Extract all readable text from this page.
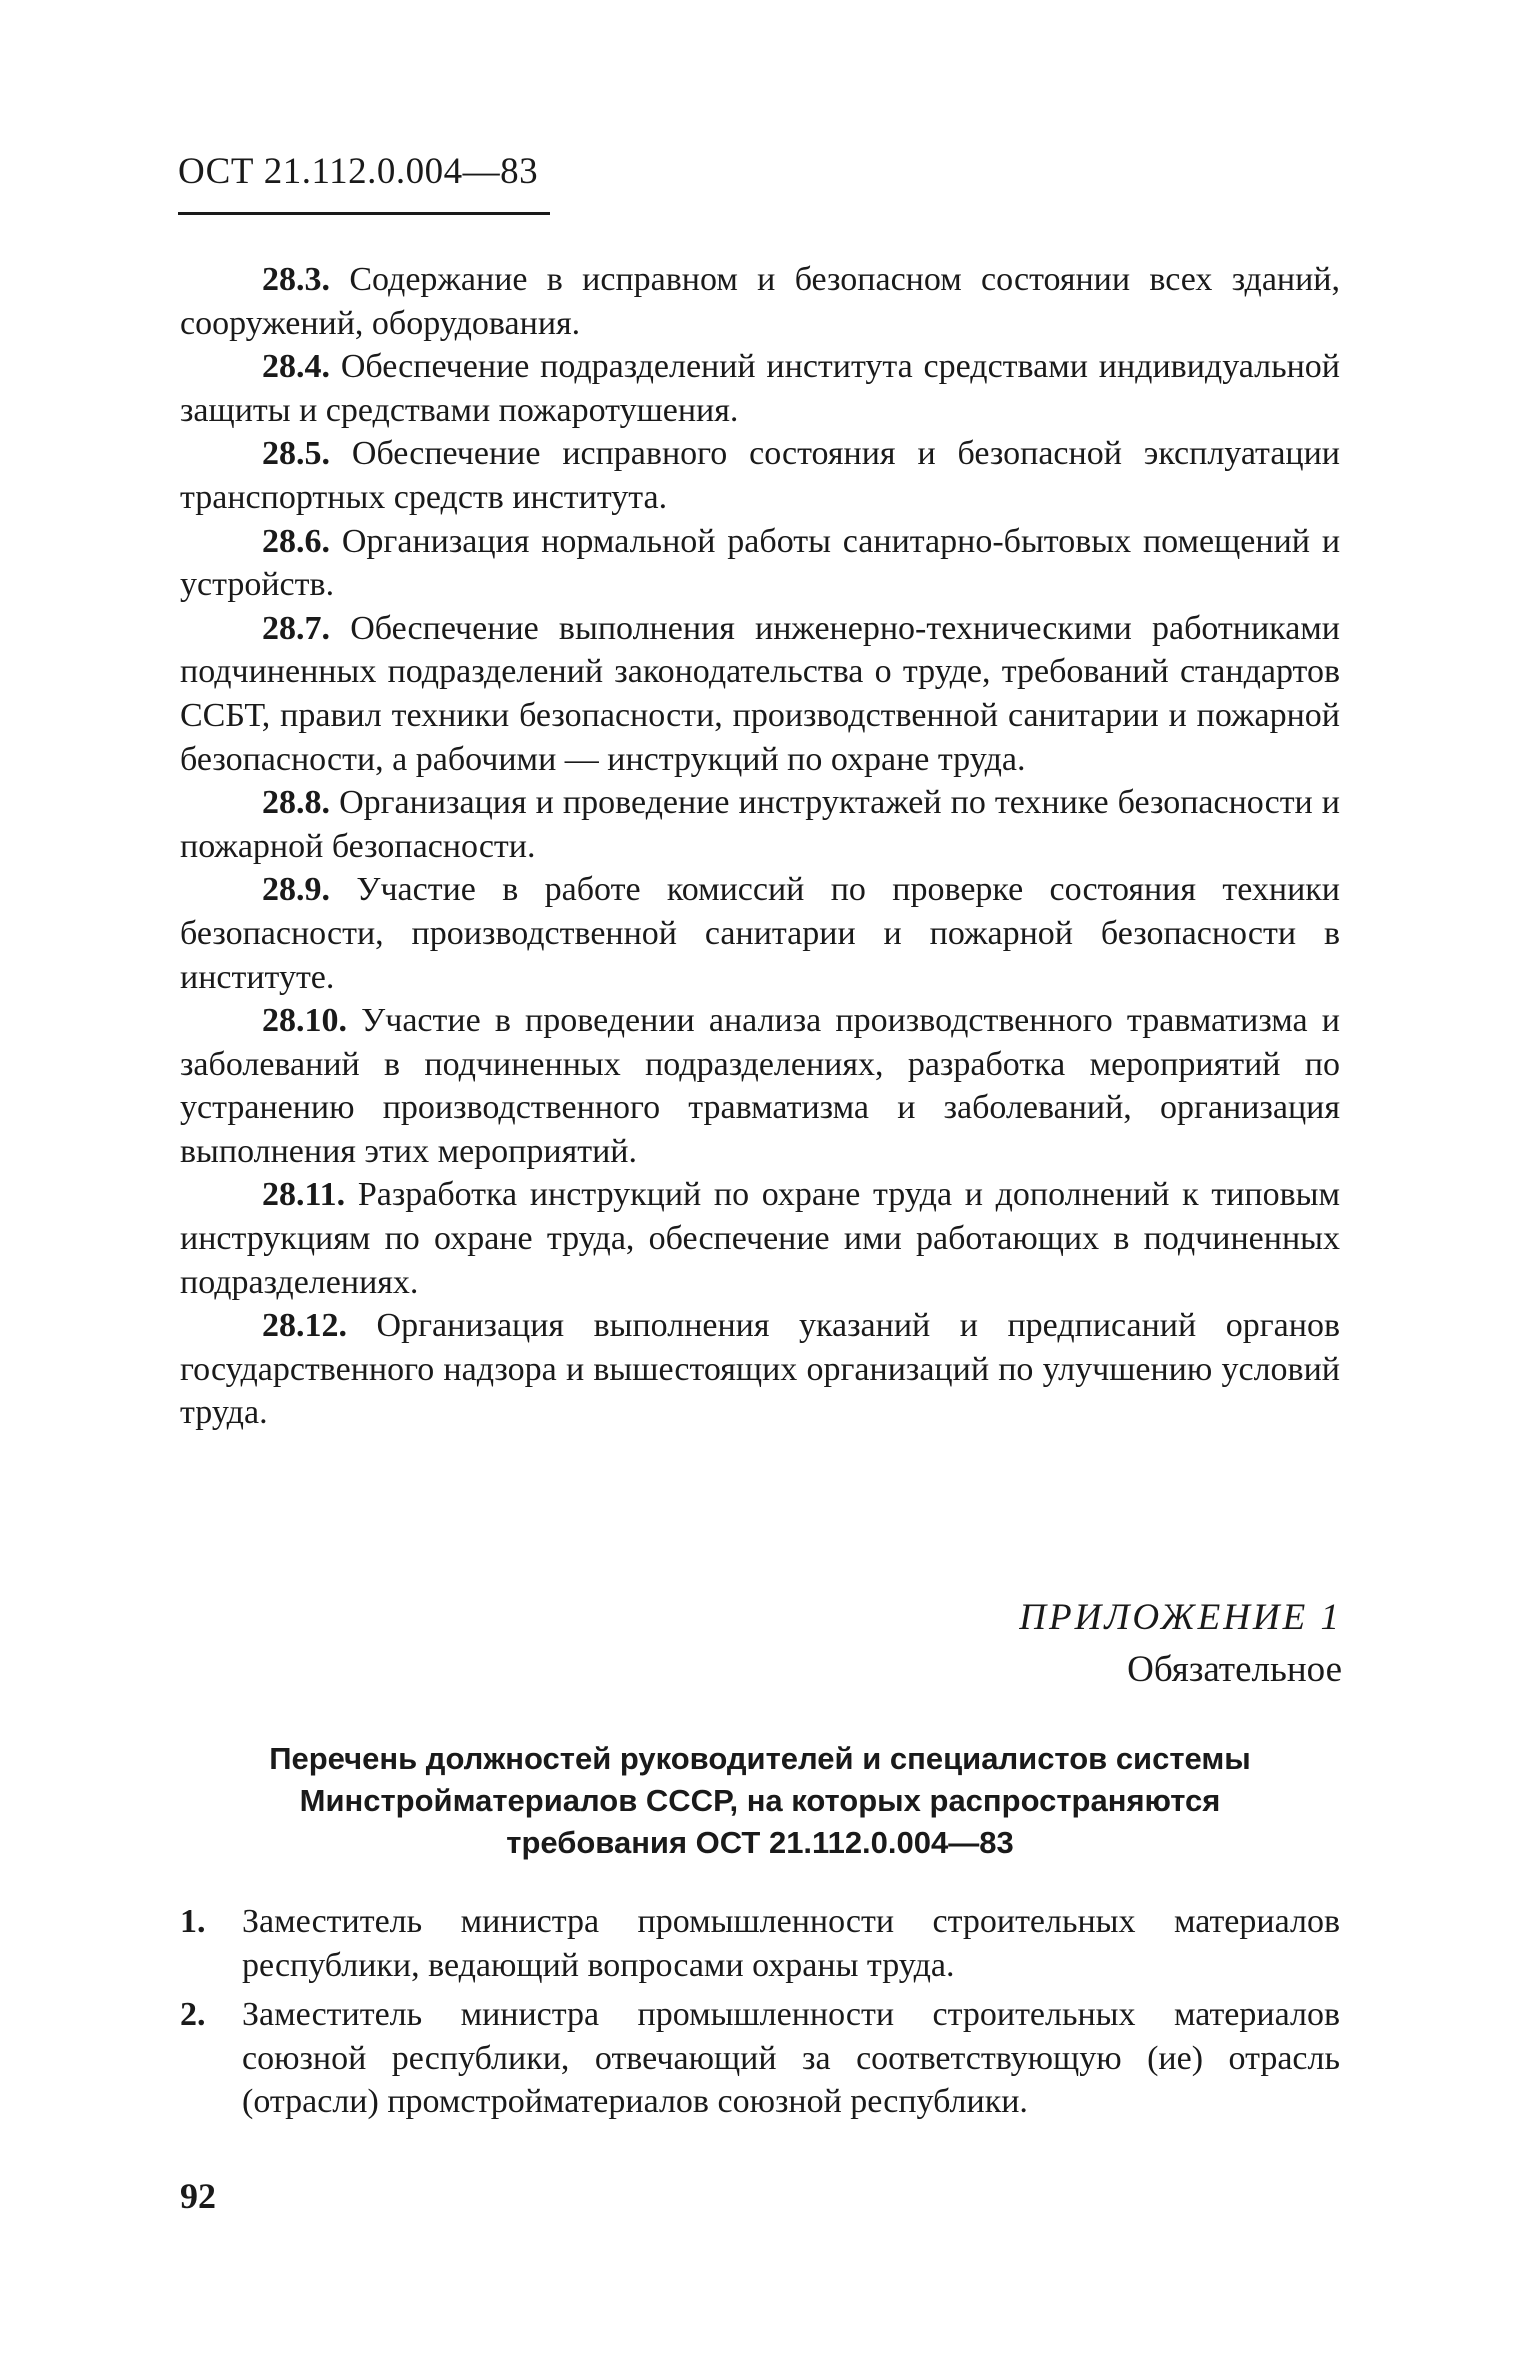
ОСТ 21.112.0.004—83

28.3. Содержание в исправном и безопасном состоянии всех зданий, сооружений, оборудования.

28.4. Обеспечение подразделений института средствами индивидуальной защиты и средствами пожаротушения.

28.5. Обеспечение исправного состояния и безопасной эксплуатации транспортных средств института.

28.6. Организация нормальной работы санитарно-бытовых помещений и устройств.

28.7. Обеспечение выполнения инженерно-техническими работниками подчиненных подразделений законодательства о труде, требований стандартов ССБТ, правил техники безопасности, производственной санитарии и пожарной безопасности, а рабочими — инструкций по охране труда.

28.8. Организация и проведение инструктажей по технике безопасности и пожарной безопасности.

28.9. Участие в работе комиссий по проверке состояния техники безопасности, производственной санитарии и пожарной безопасности в институте.

28.10. Участие в проведении анализа производственного травматизма и заболеваний в подчиненных подразделениях, разработка мероприятий по устранению производственного травматизма и заболеваний, организация выполнения этих мероприятий.

28.11. Разработка инструкций по охране труда и дополнений к типовым инструкциям по охране труда, обеспечение ими работающих в подчиненных подразделениях.

28.12. Организация выполнения указаний и предписаний органов государственного надзора и вышестоящих организаций по улучшению условий труда.

ПРИЛОЖЕНИЕ 1
Обязательное
Перечень должностей руководителей и специалистов системы
Минстройматериалов СССР, на которых распространяются
требования ОСТ 21.112.0.004—83

1. Заместитель министра промышленности строительных материалов республики, ведающий вопросами охраны труда.

2. Заместитель министра промышленности строительных материалов союзной республики, отвечающий за соответствующую (ие) отрасль (отрасли) промстройматериалов союзной республики.

92
